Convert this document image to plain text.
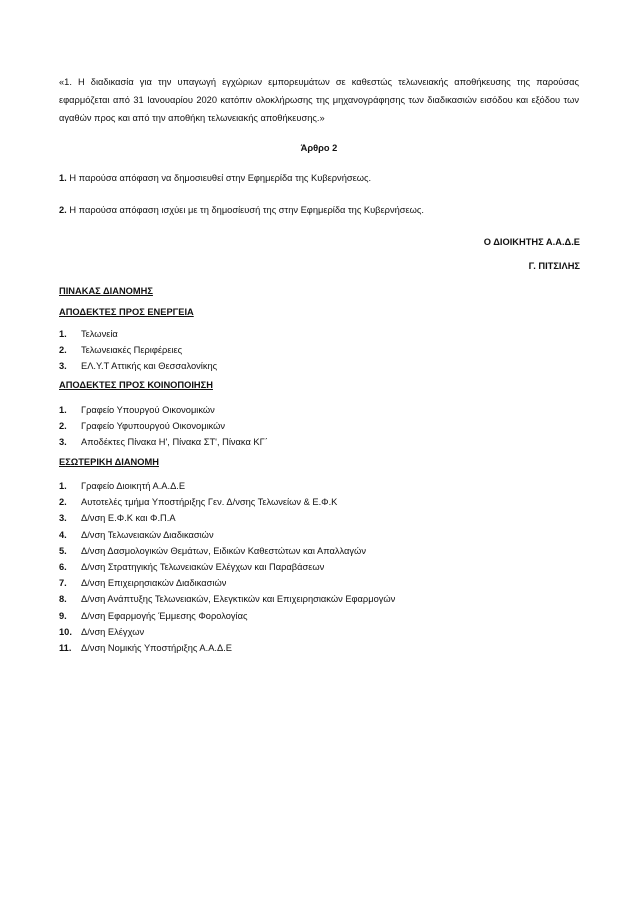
«1. Η διαδικασία για την υπαγωγή εγχώριων εμπορευμάτων σε καθεστώς τελωνειακής αποθήκευσης της παρούσας εφαρμόζεται από 31 Ιανουαρίου 2020 κατόπιν ολοκλήρωσης της μηχανογράφησης των διαδικασιών εισόδου και εξόδου των αγαθών προς και από την αποθήκη τελωνειακής αποθήκευσης.»

Άρθρο 2

1. Η παρούσα απόφαση να δημοσιευθεί στην Εφημερίδα της Κυβερνήσεως.

2. Η παρούσα απόφαση ισχύει με τη δημοσίευσή της στην Εφημερίδα της Κυβερνήσεως.

Ο ΔΙΟΙΚΗΤΗΣ Α.Α.Δ.Ε
Γ. ΠΙΤΣΙΛΗΣ
ΠΙΝΑΚΑΣ ΔΙΑΝΟΜΗΣ
ΑΠΟΔΕΚΤΕΣ ΠΡΟΣ ΕΝΕΡΓΕΙΑ
1. Τελωνεία
2. Τελωνειακές Περιφέρειες
3. ΕΛ.Υ.Τ Αττικής και Θεσσαλονίκης
ΑΠΟΔΕΚΤΕΣ ΠΡΟΣ ΚΟΙΝΟΠΟΙΗΣΗ
1. Γραφείο Υπουργού Οικονομικών
2. Γραφείο Υφυπουργού Οικονομικών
3. Αποδέκτες Πίνακα Η', Πίνακα ΣΤ', Πίνακα ΚΓ΄
ΕΣΩΤΕΡΙΚΗ ΔΙΑΝΟΜΗ
1. Γραφείο Διοικητή Α.Α.Δ.Ε
2. Αυτοτελές τμήμα Υποστήριξης Γεν. Δ/νσης Τελωνείων & Ε.Φ.Κ
3. Δ/νση Ε.Φ.Κ και Φ.Π.Α
4. Δ/νση Τελωνειακών Διαδικασιών
5. Δ/νση Δασμολογικών Θεμάτων, Ειδικών Καθεστώτων και Απαλλαγών
6. Δ/νση Στρατηγικής Τελωνειακών Ελέγχων και Παραβάσεων
7. Δ/νση Επιχειρησιακών Διαδικασιών
8. Δ/νση Ανάπτυξης Τελωνειακών, Ελεγκτικών και Επιχειρησιακών Εφαρμογών
9. Δ/νση Εφαρμογής Έμμεσης Φορολογίας
10. Δ/νση Ελέγχων
11. Δ/νση Νομικής Υποστήριξης Α.Α.Δ.Ε
